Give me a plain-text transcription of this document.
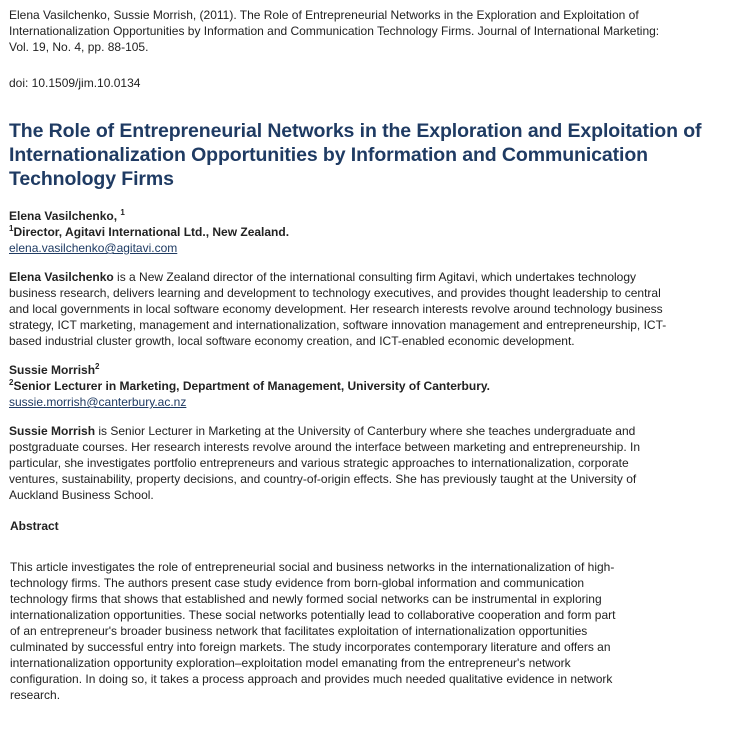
Elena Vasilchenko, Sussie Morrish, (2011). The Role of Entrepreneurial Networks in the Exploration and Exploitation of
Internationalization Opportunities by Information and Communication Technology Firms. Journal of International Marketing:
Vol. 19, No. 4, pp. 88-105.
doi: 10.1509/jim.10.0134
The Role of Entrepreneurial Networks in the Exploration and Exploitation of
Internationalization Opportunities by Information and Communication
Technology Firms
Elena Vasilchenko, $^1$
$^1$Director, Agitavi International Ltd., New Zealand.
elena.vasilchenko@agitavi.com
Elena Vasilchenko is a New Zealand director of the international consulting firm Agitavi, which undertakes technology
business research, delivers learning and development to technology executives, and provides thought leadership to central
and local governments in local software economy development. Her research interests revolve around technology business
strategy, ICT marketing, management and internationalization, software innovation management and entrepreneurship, ICT-
based industrial cluster growth, local software economy creation, and ICT-enabled economic development.
Sussie Morrish$^2$
$^2$Senior Lecturer in Marketing, Department of Management, University of Canterbury.
sussie.morrish@canterbury.ac.nz
Sussie Morrish is Senior Lecturer in Marketing at the University of Canterbury where she teaches undergraduate and
postgraduate courses. Her research interests revolve around the interface between marketing and entrepreneurship. In
particular, she investigates portfolio entrepreneurs and various strategic approaches to internationalization, corporate
ventures, sustainability, property decisions, and country-of-origin effects. She has previously taught at the University of
Auckland Business School.
Abstract
This article investigates the role of entrepreneurial social and business networks in the internationalization of high-
technology firms. The authors present case study evidence from born-global information and communication
technology firms that shows that established and newly formed social networks can be instrumental in exploring
internationalization opportunities. These social networks potentially lead to collaborative cooperation and form part
of an entrepreneur's broader business network that facilitates exploitation of internationalization opportunities
culminated by successful entry into foreign markets. The study incorporates contemporary literature and offers an
internationalization opportunity exploration–exploitation model emanating from the entrepreneur's network
configuration. In doing so, it takes a process approach and provides much needed qualitative evidence in network
research.
